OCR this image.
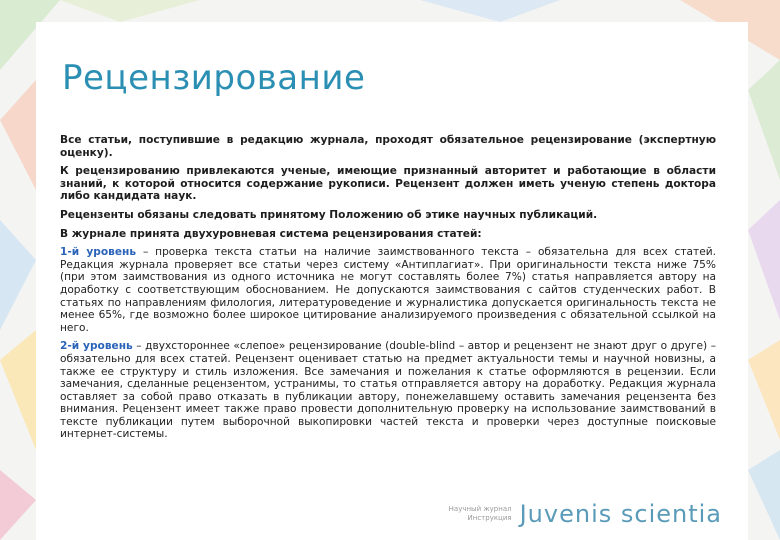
Рецензирование

Все статьи, поступившие в редакцию журнала, проходят обязательное рецензирование (экспертную оценку).

К рецензированию привлекаются ученые, имеющие признанный авторитет и работающие в области знаний, к которой относится содержание рукописи. Рецензент должен иметь ученую степень доктора либо кандидата наук.

Рецензенты обязаны следовать принятому Положению об этике научных публикаций.

В журнале принята двухуровневая система рецензирования статей:

1-й уровень – проверка текста статьи на наличие заимствованного текста – обязательна для всех статей. Редакция журнала проверяет все статьи через систему «Антиплагиат». При оригинальности текста ниже 75% (при этом заимствования из одного источника не могут составлять более 7%) статья направляется автору на доработку с соответствующим обоснованием. Не допускаются заимствования с сайтов студенческих работ. В статьях по направлениям филология, литературоведение и журналистика допускается оригинальность текста не менее 65%, где возможно более широкое цитирование анализируемого произведения с обязательной ссылкой на него.

2-й уровень – двухстороннее «слепое» рецензирование (double-blind – автор и рецензент не знают друг о друге) – обязательно для всех статей. Рецензент оценивает статью на предмет актуальности темы и научной новизны, а также ее структуру и стиль изложения. Все замечания и пожелания к статье оформляются в рецензии. Если замечания, сделанные рецензентом, устранимы, то статья отправляется автору на доработку. Редакция журнала оставляет за собой право отказать в публикации автору, понежелавшему оставить замечания рецензента без внимания. Рецензент имеет также право провести дополнительную проверку на использование заимствований в тексте публикации путем выборочной выкопировки частей текста и проверки через доступные поисковые интернет-системы.

Научный журнал
Инструкция Juvenis scientia
